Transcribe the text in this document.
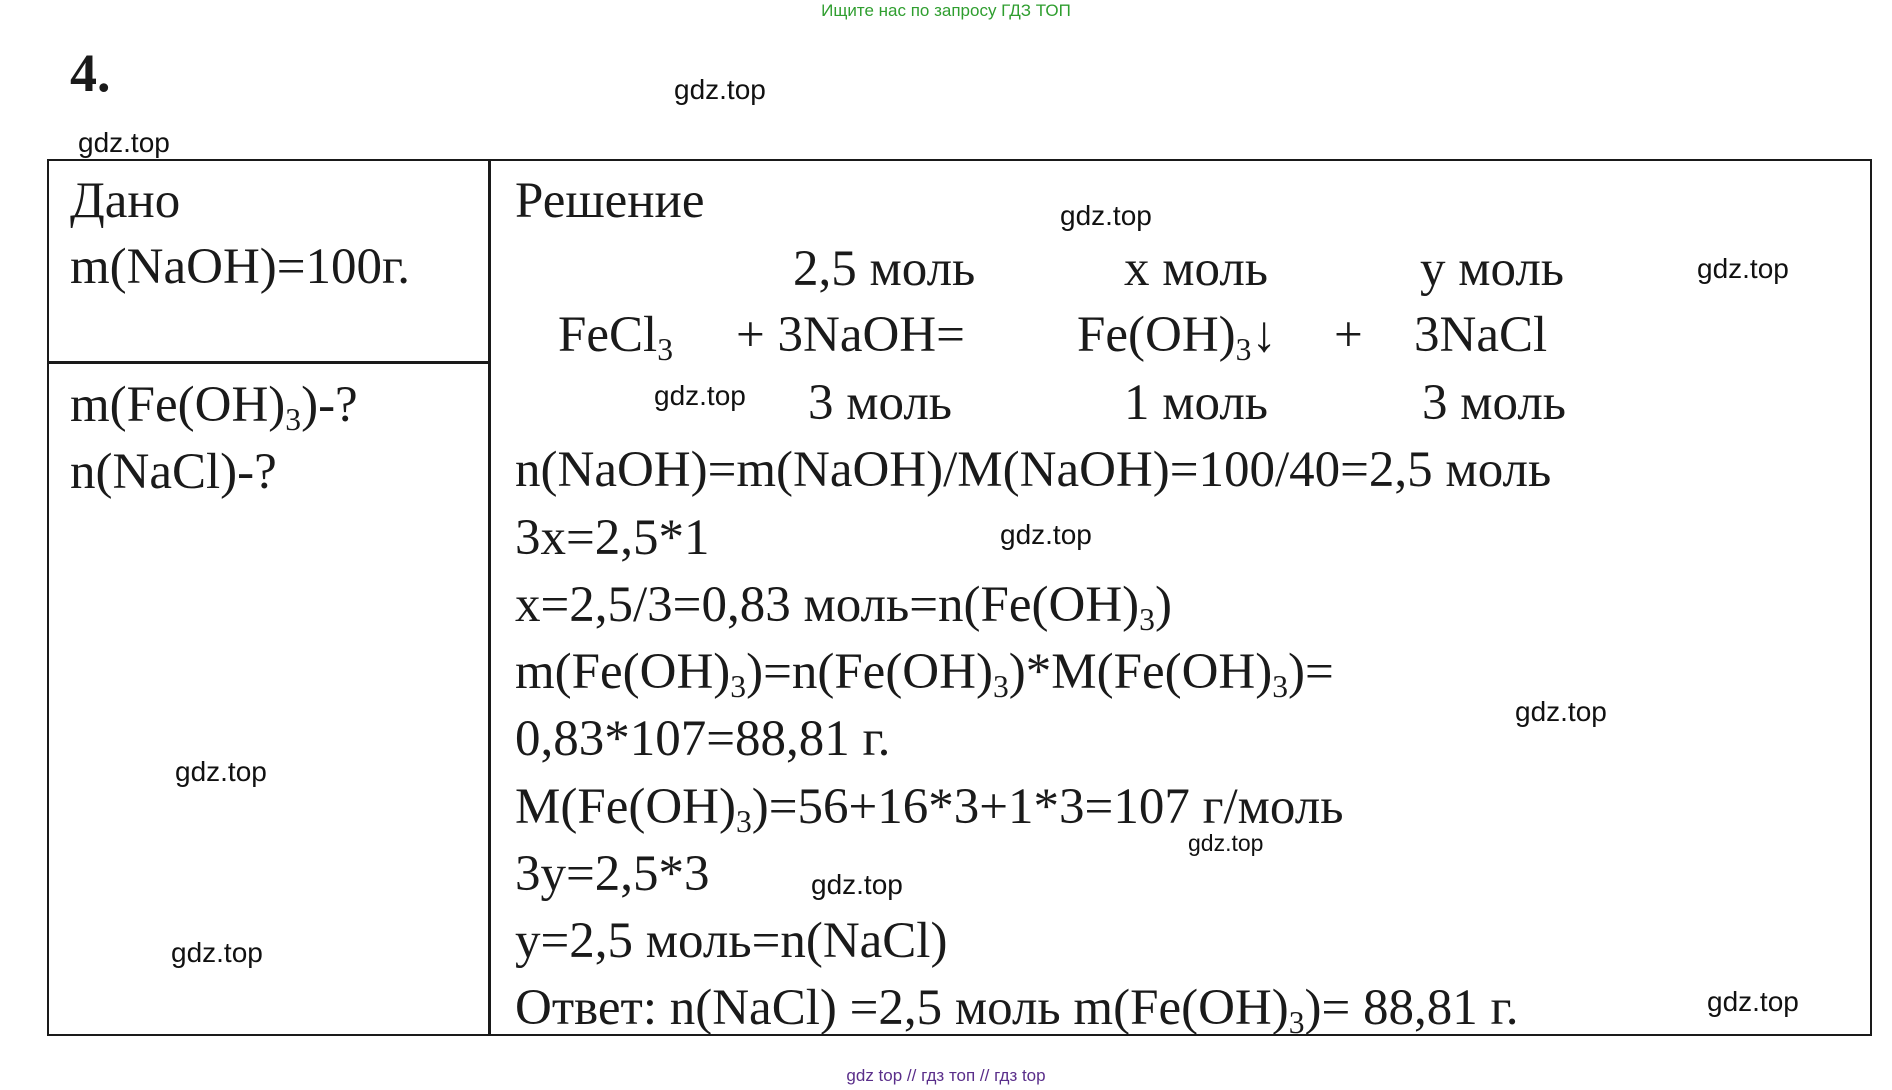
Ищите нас по запросу ГДЗ ТОП
4.
Дано
m(NaOH)=100г.
$m(Fe(OH)_3)-$?
n(NaCl)-?
Решение
2,5 моль	х моль	у моль
FeCl$_3$ + 3NaOH= $Fe(OH)_3↓$ + 3NaCl
3 моль	1 моль	3 моль
n(NaOH)=m(NaOH)/M(NaOH)=100/40=2,5 моль
3x=2,5*1
x=2,5/3=0,83 $моль=n(Fe(OH)_3)$
$m(Fe(OH)_3)=n(Fe(OH)_3)*M(Fe(OH)_3)=$
0,83*107=88,81 г.
$M(Fe(OH)_3)=56+16*3+1*3=107$ г/моль
3y=2,5*3
y=2,5 моль=n(NaCl)
Ответ: n(NaCl) =2,5 моль $m(Fe(OH)_3)= 88,81$ г.
gdz.top
gdz.top
gdz.top
gdz.top
gdz.top
gdz.top
gdz.top
gdz.top
gdz.top
gdz.top
gdz.top
gdz.top
gdz top // гдз топ // гдз top
